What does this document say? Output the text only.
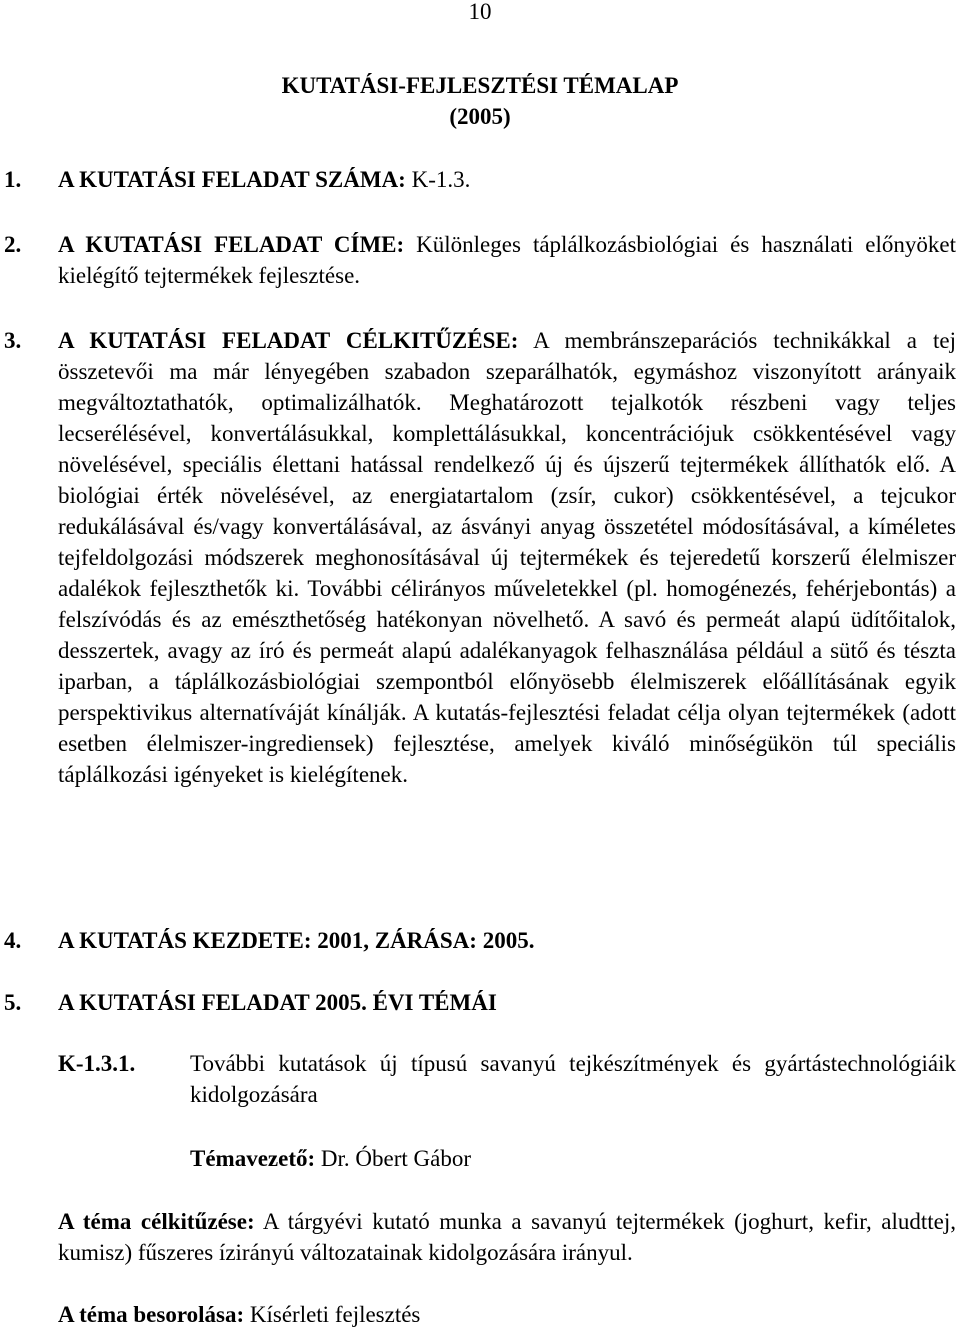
10
KUTATÁSI-FEJLESZTÉSI TÉMALAP
(2005)
1. A KUTATÁSI FELADAT SZÁMA: K-1.3.
2. A KUTATÁSI FELADAT CÍME: Különleges táplálkozásbiológiai és használati előnyöket kielégítő tejtermékek fejlesztése.
3. A KUTATÁSI FELADAT CÉLKITŰZÉSE: A membránszeparációs technikákkal a tej összetevői ma már lényegében szabadon szeparálhatók, egymáshoz viszonyított arányaik megváltoztathatók, optimalizálhatók. Meghatározott tejalkotók részbeni vagy teljes lecserélésével, konvertálásukkal, komplettálásukkal, koncentrációjuk csökkentésével vagy növelésével, speciális élettani hatással rendelkező új és újszerű tejtermékek állíthatók elő. A biológiai érték növelésével, az energiatartalom (zsír, cukor) csökkentésével, a tejcukor redukálásával és/vagy konvertálásával, az ásványi anyag összetétel módosításával, a kíméletes tejfeldolgozási módszerek meghonosításával új tejtermékek és tejeredetű korszerű élelmiszer adalékok fejleszthetők ki. További célirányos műveletekkel (pl. homogénezés, fehérjebontás) a felszívódás és az emészthetőség hatékonyan növelhető. A savó és permeát alapú üdítőitalok, desszertek, avagy az író és permeát alapú adalékanyagok felhasználása például a sütő és tészta iparban, a táplálkozásbiológiai szempontból előnyösebb élelmiszerek előállításának egyik perspektivikus alternatíváját kínálják. A kutatás-fejlesztési feladat célja olyan tejtermékek (adott esetben élelmiszer-ingrediensek) fejlesztése, amelyek kiváló minőségükön túl speciális táplálkozási igényeket is kielégítenek.
4. A KUTATÁS KEZDETE: 2001, ZÁRÁSA: 2005.
5. A KUTATÁSI FELADAT 2005. ÉVI TÉMÁI
K-1.3.1. További kutatások új típusú savanyú tejkészítmények és gyártástechnológiáik kidolgozására
Témavezető: Dr. Óbert Gábor
A téma célkitűzése: A tárgyévi kutató munka a savanyú tejtermékek (joghurt, kefir, aludttej, kumisz) fűszeres ízirányú változatainak kidolgozására irányul.
A téma besorolása: Kísérleti fejlesztés
